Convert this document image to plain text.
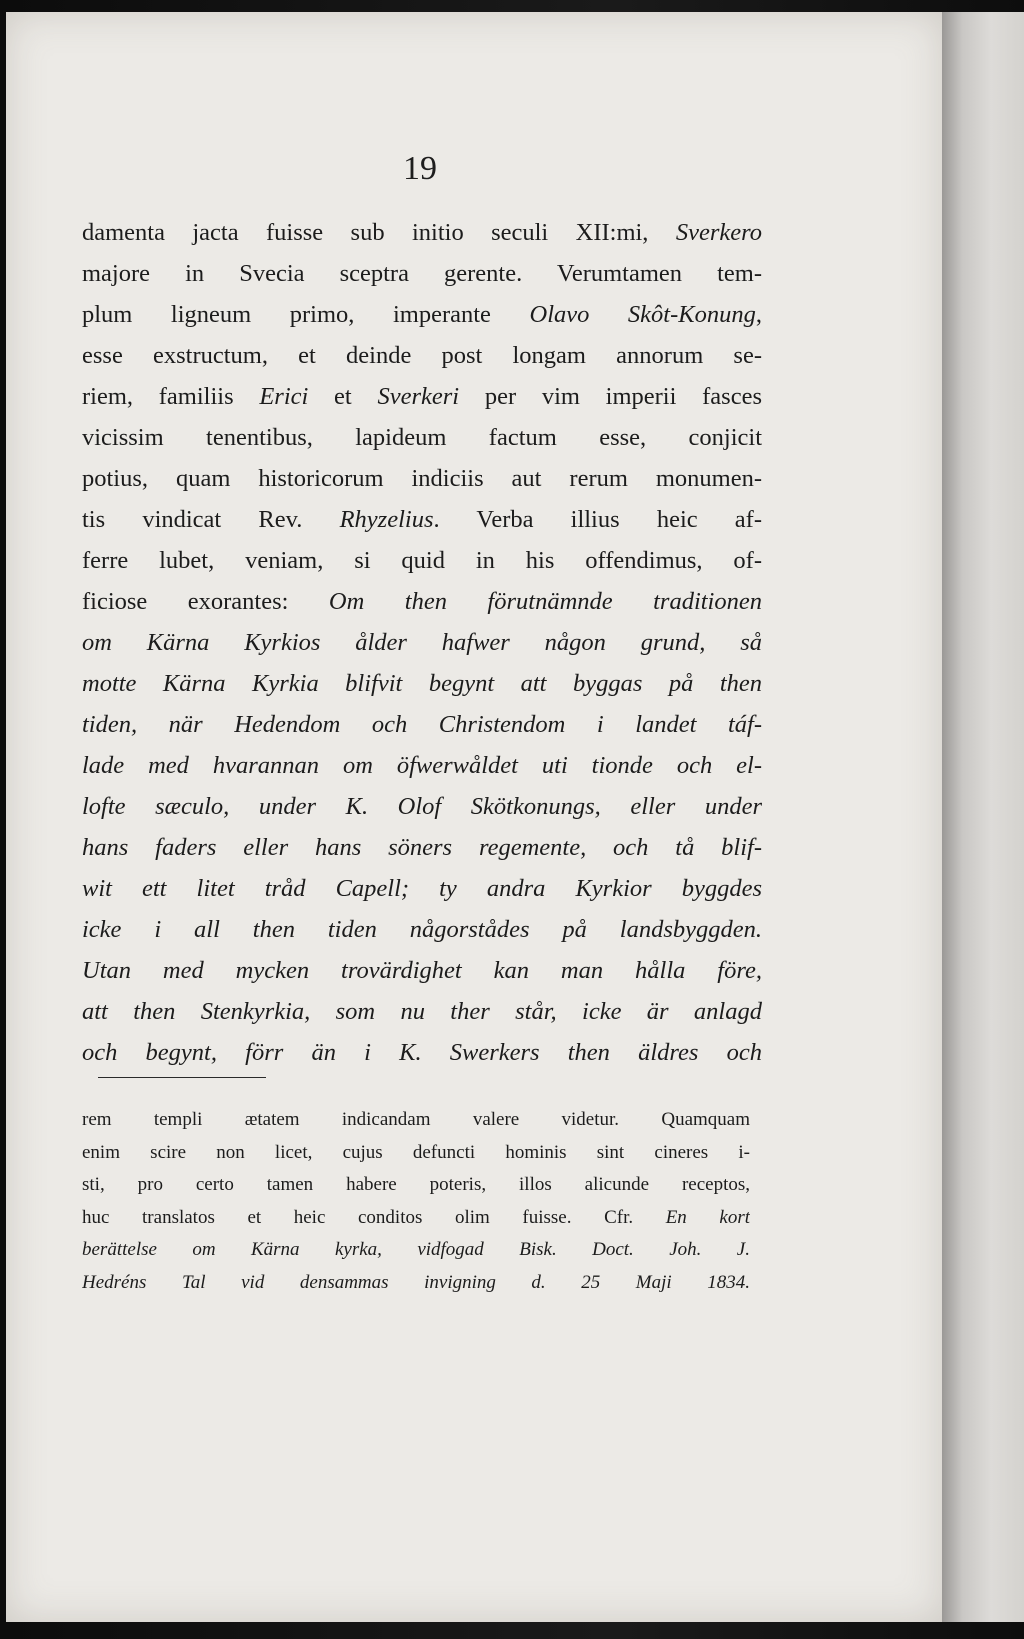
19
damenta jacta fuisse sub initio seculi XII:mi, Sverkero
majore in Svecia sceptra gerente. Verumtamen tem-
plum ligneum primo, imperante Olavo Skôt-Konung,
esse exstructum, et deinde post longam annorum se-
riem, familiis Erici et Sverkeri per vim imperii fasces
vicissim tenentibus, lapideum factum esse, conjicit
potius, quam historicorum indiciis aut rerum monumen-
tis vindicat Rev. Rhyzelius. Verba illius heic af-
ferre lubet, veniam, si quid in his offendimus, of-
ficiose exorantes: Om then förutnämnde traditionen
om Kärna Kyrkios ålder hafwer någon grund, så
motte Kärna Kyrkia blifvit begynt att byggas på then
tiden, när Hedendom och Christendom i landet táf-
lade med hvarannan om öfwerwåldet uti tionde och el-
lofte sæculo, under K. Olof Skötkonungs, eller under
hans faders eller hans söners regemente, och tå blif-
wit ett litet tråd Capell; ty andra Kyrkior byggdes
icke i all then tiden någorstådes på landsbyggden.
Utan med mycken trovärdighet kan man hålla före,
att then Stenkyrkia, som nu ther står, icke är anlagd
och begynt, förr än i K. Swerkers then äldres och
rem templi ætatem indicandam valere videtur. Quamquam
enim scire non licet, cujus defuncti hominis sint cineres i-
sti, pro certo tamen habere poteris, illos alicunde receptos,
huc translatos et heic conditos olim fuisse. Cfr. En kort
berättelse om Kärna kyrka, vidfogad Bisk. Doct. Joh. J.
Hedréns Tal vid densammas invigning d. 25 Maji 1834.
